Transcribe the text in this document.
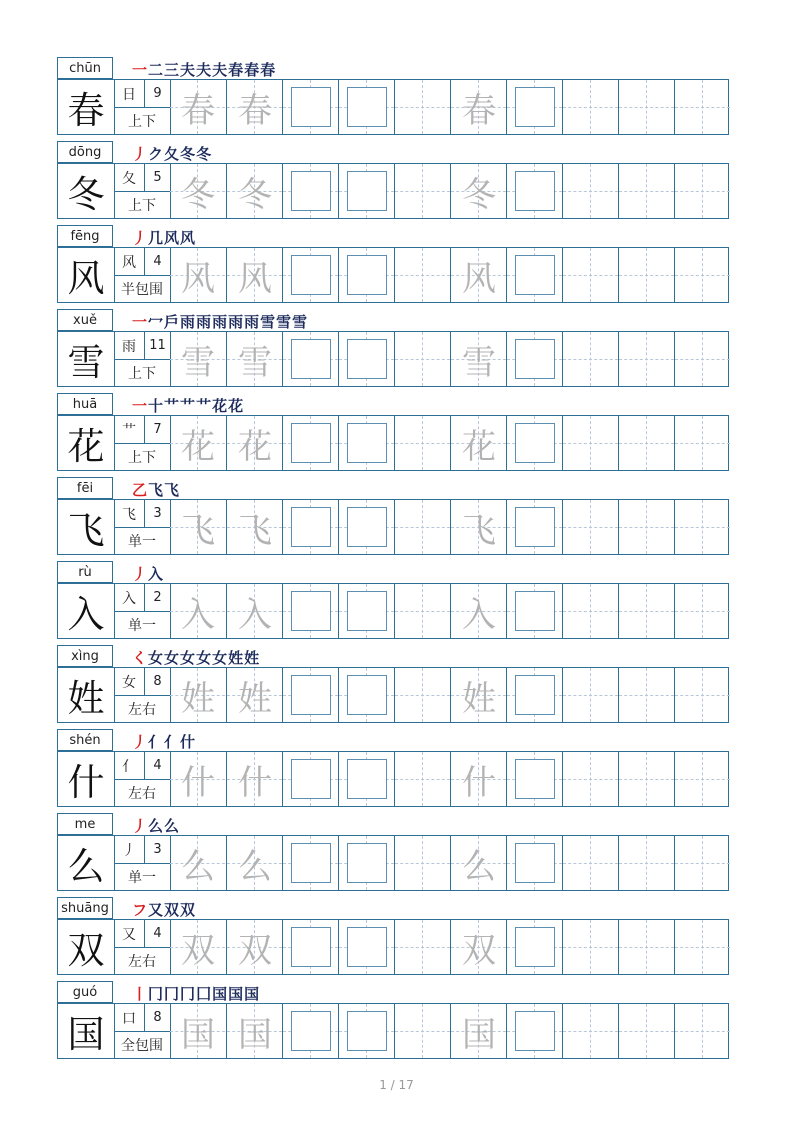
chūn	一 二 三 夫 夫 夫 春 春 春
春	日	9
上下 春 春	春
dōng	丿 ク 夂 冬 冬
冬	夂	5
上下 冬 冬	冬
fēng	丿 几 风 风
风	风	4
半包围 风 风	风
xuě	一 冖 戶 雨 雨 雨 雨 雨 雪 雪 雪
雪	雨	11
上下 雪 雪	雪
huā	一 十 艹 艹 艹 花 花
花	艹	7
上下 花 花	花
fēi	乙 飞 飞
飞	飞	3
单一 飞 飞	飞
rù	丿 入
入	入	2
单一 入 入	入
xìng	く 女 女 女 女 女 姓 姓
姓	女	8
左右 姓 姓	姓
shén	丿 亻 亻 什
什	亻	4
左右 什 什	什
me	丿 么 么
么	丿	3
单一 么 么	么
shuāng フ 又 双 双
双	又	4
左右 双 双	双
guó	丨 冂 冂 冂 囗 国 国 国
国	口	8
全包围 国 国	国
1 / 17
